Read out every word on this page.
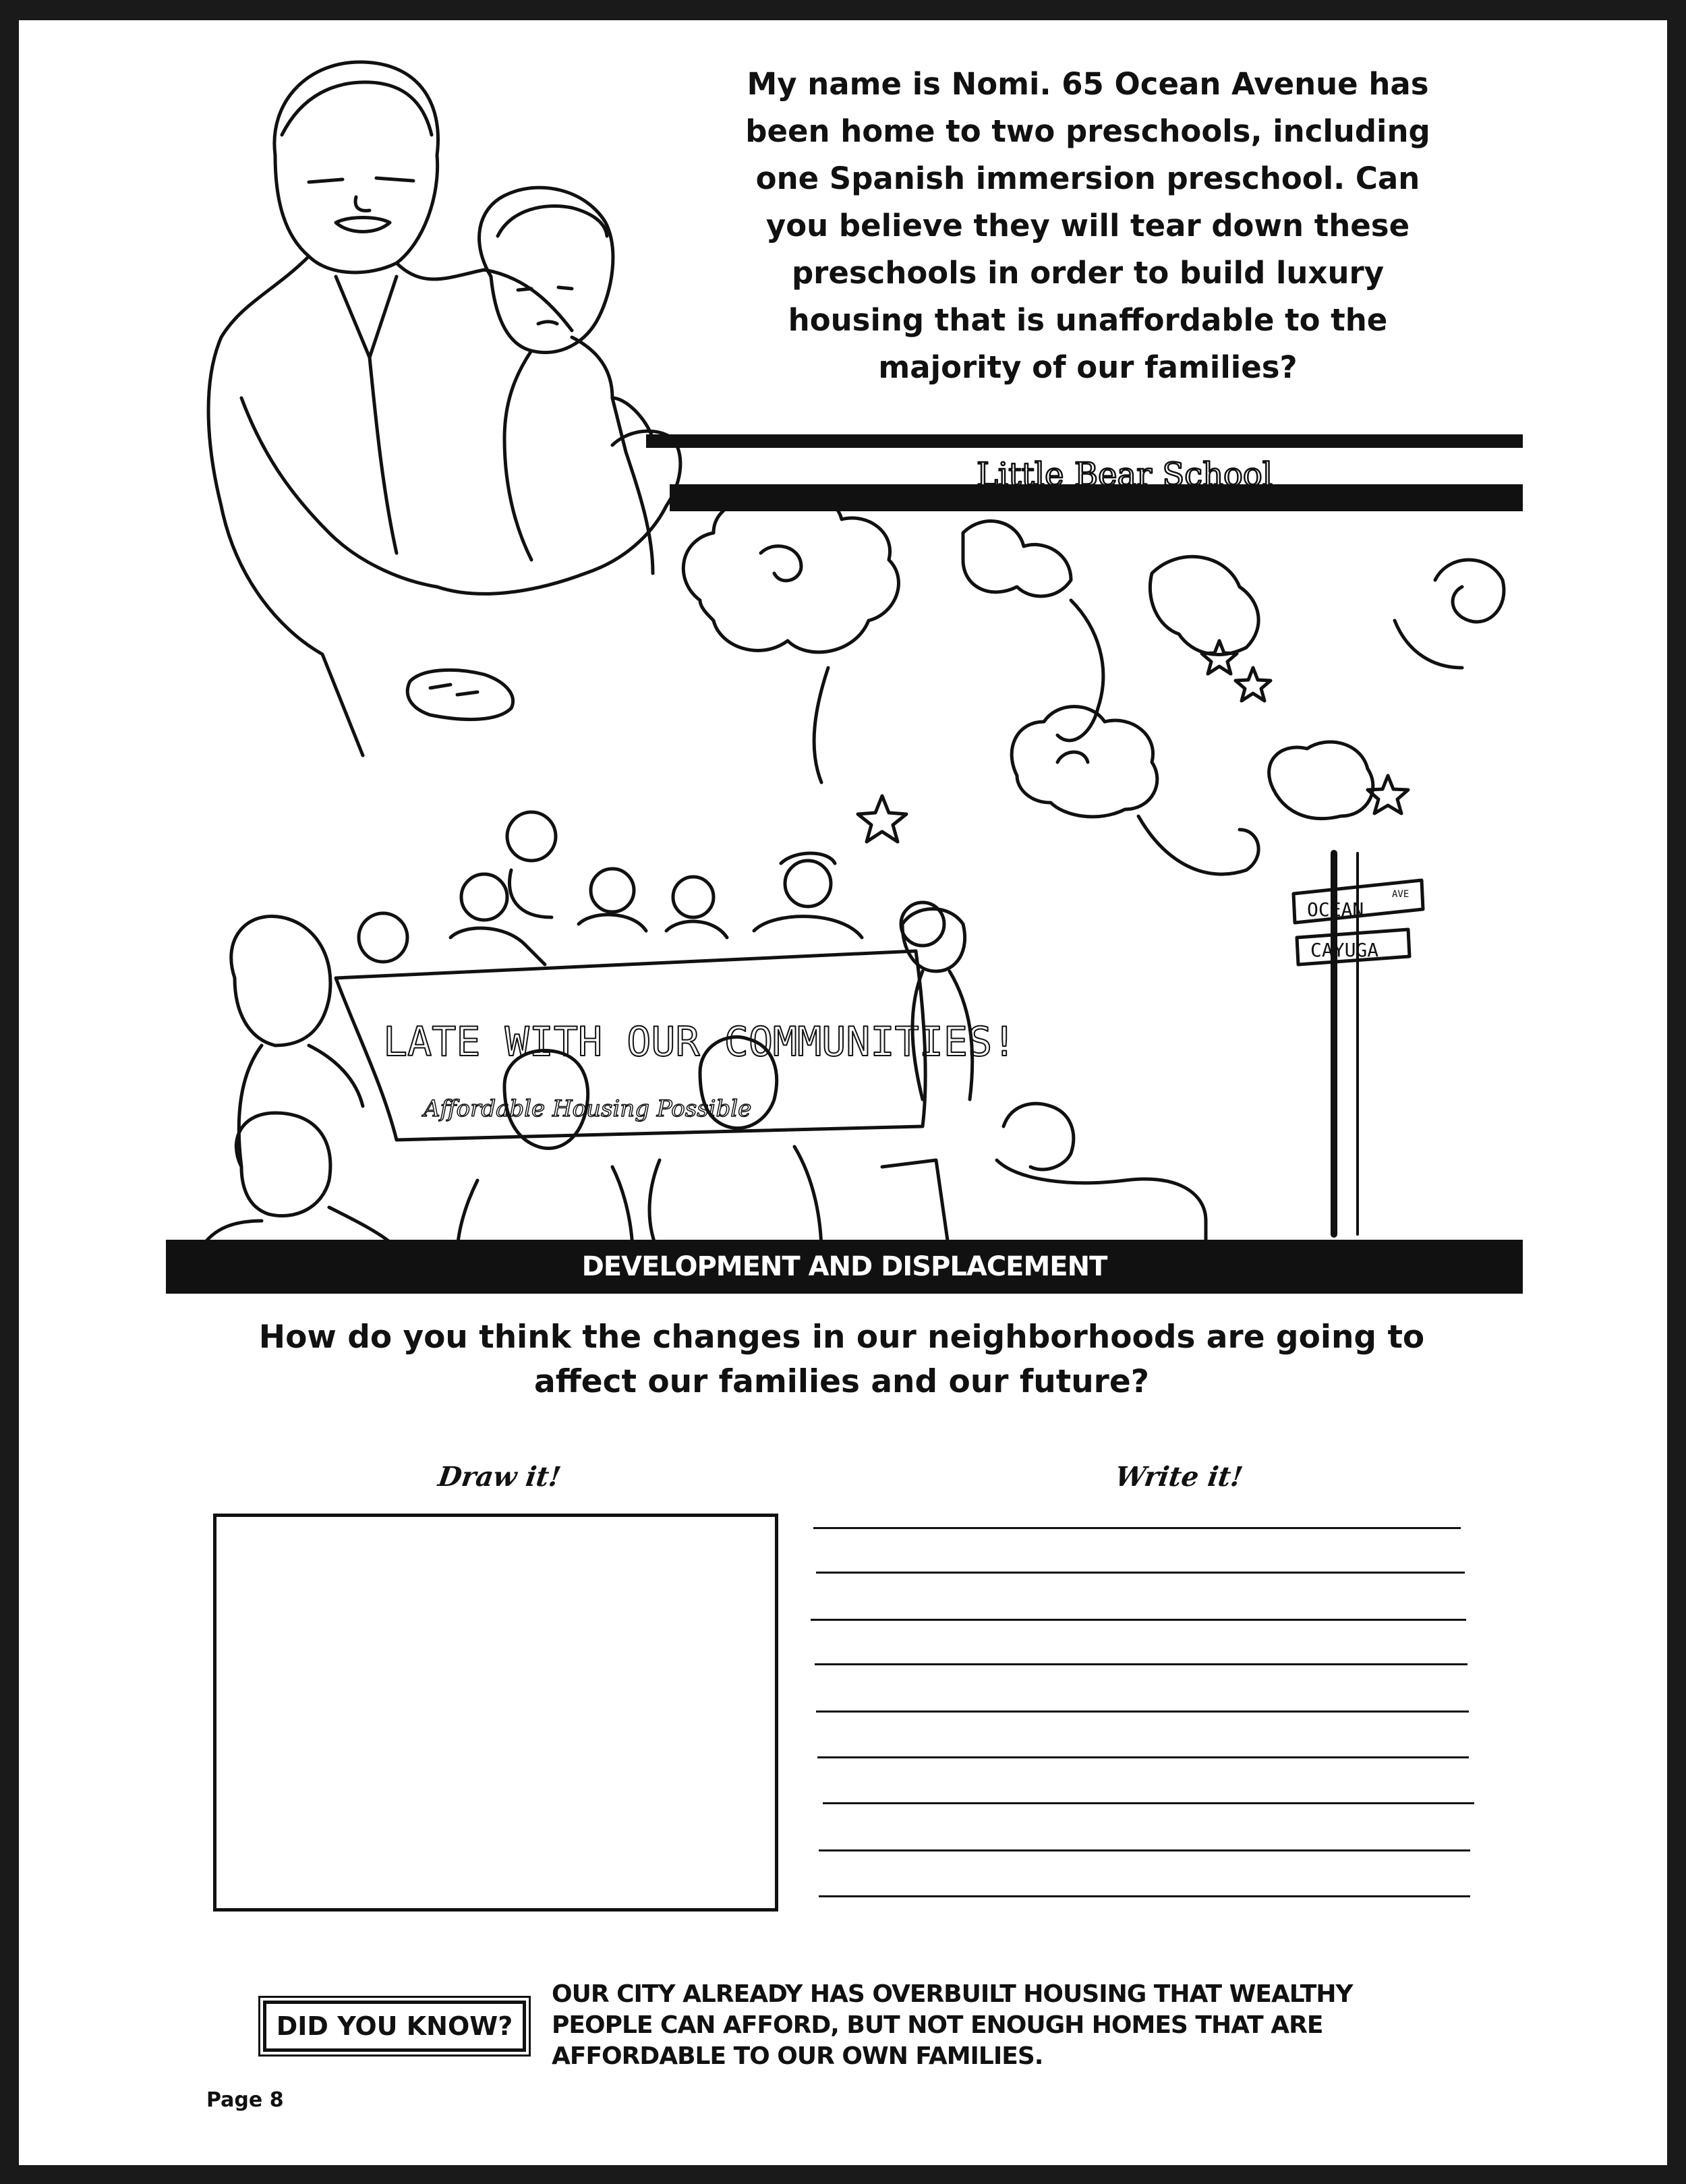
My name is Nomi. 65 Ocean Avenue has been home to two preschools, including one Spanish immersion preschool. Can you believe they will tear down these preschools in order to build luxury housing that is unaffordable to the majority of our families?

Little Bear School
OCEAN
AVE
CAYUGA
LATE WITH OUR COMMUNITIES!
Affordable Housing Possible
DEVELOPMENT AND DISPLACEMENT

How do you think the changes in our neighborhoods are going to affect our families and our future?

Draw it!	Write it!
DID YOU KNOW?

OUR CITY ALREADY HAS OVERBUILT HOUSING THAT WEALTHY PEOPLE CAN AFFORD, BUT NOT ENOUGH HOMES THAT ARE AFFORDABLE TO OUR OWN FAMILIES.

Page 8
